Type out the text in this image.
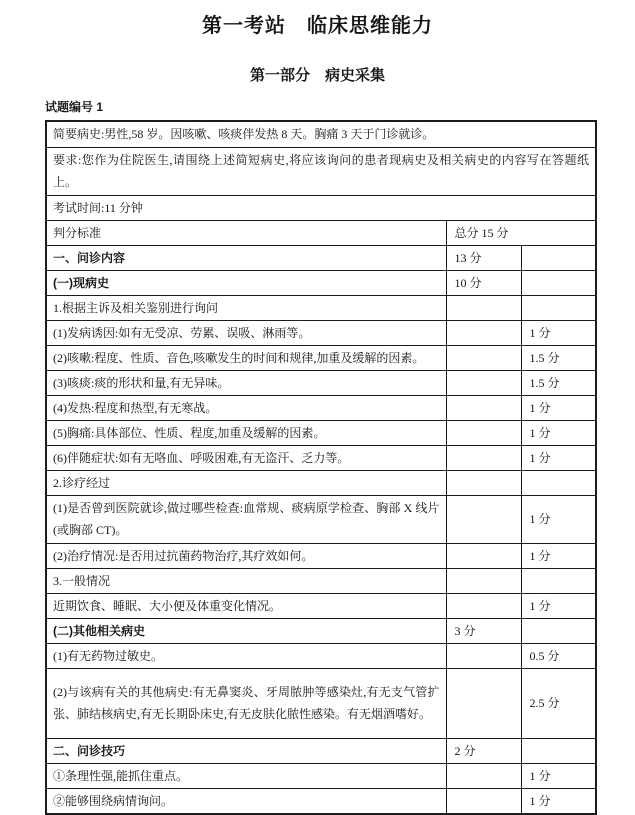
第一考站　临床思维能力
第一部分　病史采集
试题编号 1
简要病史:男性,58 岁。因咳嗽、咳痰伴发热 8 天。胸痛 3 天于门诊就诊。		
要求:您作为住院医生,请围绕上述简短病史,将应该询问的患者现病史及相关病史的内容写在答题纸上。		
考试时间:11 分钟		
判分标准	总分 15 分	
一、问诊内容	13 分	
(一)现病史	10 分	
1.根据主诉及相关鉴别进行询问		
(1)发病诱因:如有无受凉、劳累、误吸、淋雨等。		1 分
(2)咳嗽:程度、性质、音色,咳嗽发生的时间和规律,加重及缓解的因素。		1.5 分
(3)咳痰:痰的形状和量,有无异味。		1.5 分
(4)发热:程度和热型,有无寒战。		1 分
(5)胸痛:具体部位、性质、程度,加重及缓解的因素。		1 分
(6)伴随症状:如有无咯血、呼吸困难,有无盗汗、乏力等。		1 分
2.诊疗经过		
(1)是否曾到医院就诊,做过哪些检查:血常规、痰病原学检查、胸部 X 线片(或胸部 CT)。		1 分
(2)治疗情况:是否用过抗菌药物治疗,其疗效如何。		1 分
3.一般情况		
近期饮食、睡眠、大小便及体重变化情况。		1 分
(二)其他相关病史	3 分	
(1)有无药物过敏史。		0.5 分
(2)与该病有关的其他病史:有无鼻窦炎、牙周脓肿等感染灶,有无支气管扩张、肺结核病史,有无长期卧床史,有无皮肤化脓性感染。有无烟酒嗜好。		2.5 分
二、问诊技巧	2 分	
①条理性强,能抓住重点。		1 分
②能够围绕病情询问。		1 分
